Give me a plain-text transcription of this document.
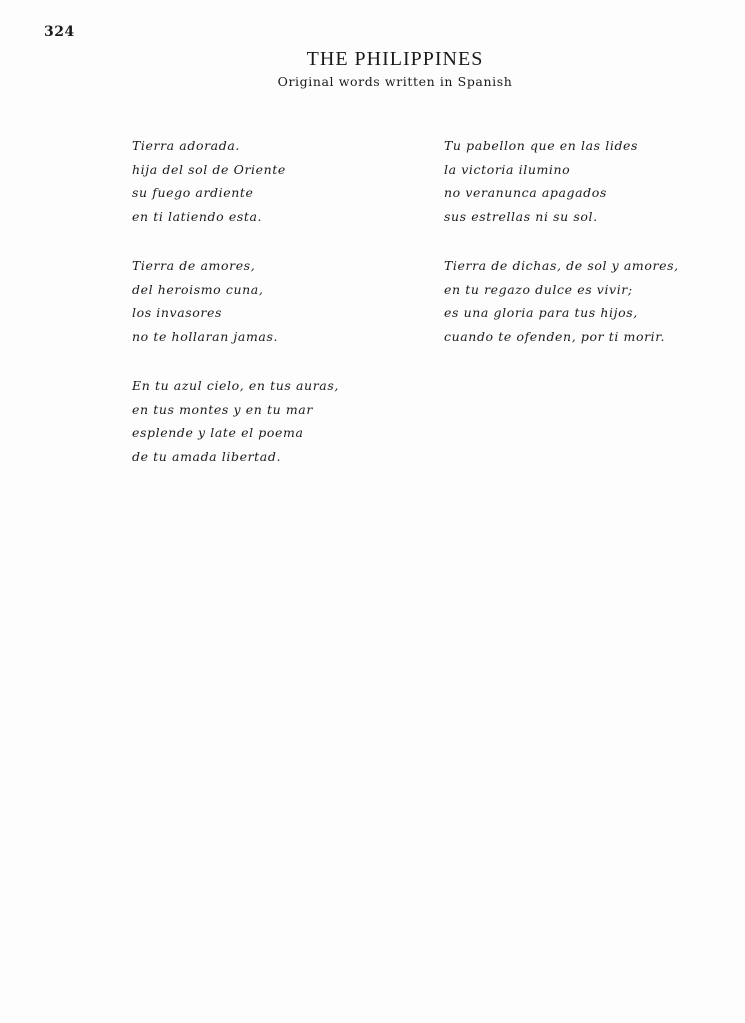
324
THE PHILIPPINES
Original words written in Spanish
Tierra adorada.
hija del sol de Oriente
su fuego ardiente
en ti latiendo esta.
Tierra de amores,
del heroismo cuna,
los invasores
no te hollaran jamas.
En tu azul cielo, en tus auras,
en tus montes y en tu mar
esplende y late el poema
de tu amada libertad.
Tu pabellon que en las lides
la victoria ilumino
no veranunca apagados
sus estrellas ni su sol.
Tierra de dichas, de sol y amores,
en tu regazo dulce es vivir;
es una gloria para tus hijos,
cuando te ofenden, por ti morir.
